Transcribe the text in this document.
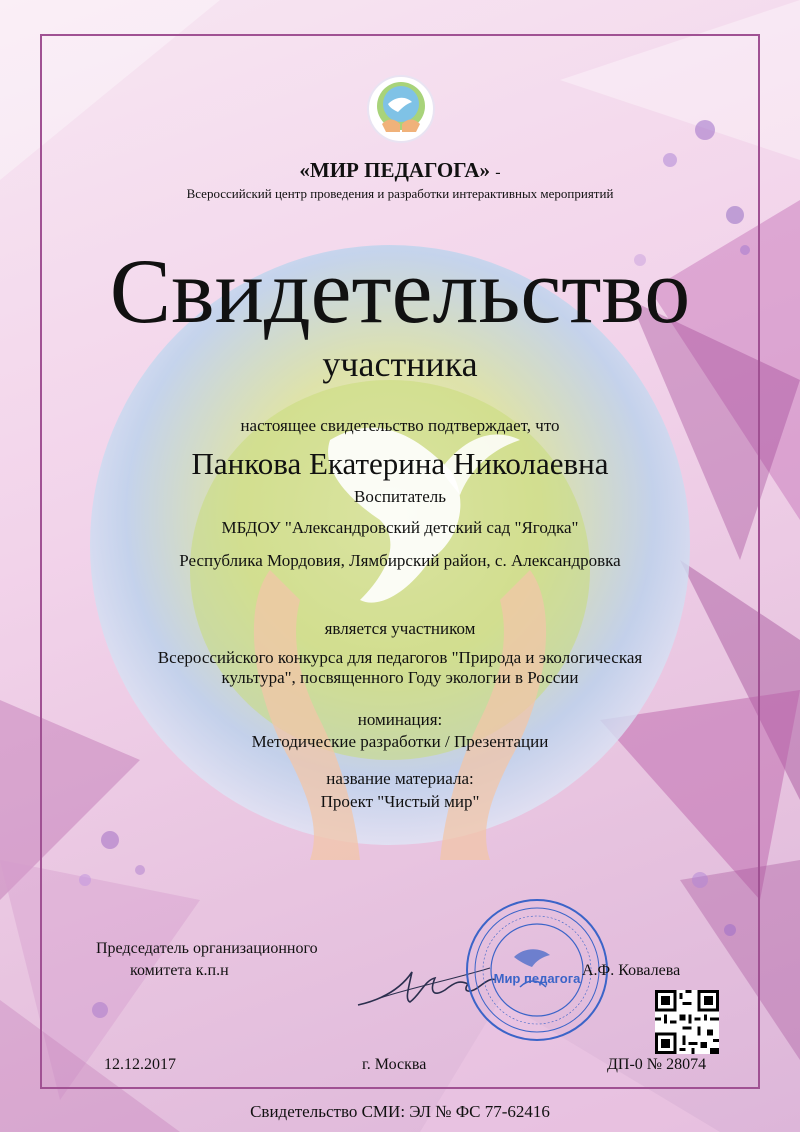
«МИР ПЕДАГОГА» -
Всероссийский центр проведения и разработки интерактивных мероприятий
Свидетельство
участника
настоящее свидетельство подтверждает, что
Панкова Екатерина Николаевна
Воспитатель
МБДОУ "Александровский детский сад "Ягодка"
Республика Мордовия, Лямбирский район, с. Александровка
является участником
Всероссийского конкурса для педагогов "Природа и экологическая
культура", посвященного Году экологии в России
номинация:
Методические разработки / Презентации
название материала:
Проект "Чистый мир"
Председатель организационного
комитета к.п.н	Мир педагога А.Ф. Ковалева
12.12.2017	г. Москва	ДП-0 № 28074
Свидетельство СМИ: ЭЛ № ФС 77-62416
